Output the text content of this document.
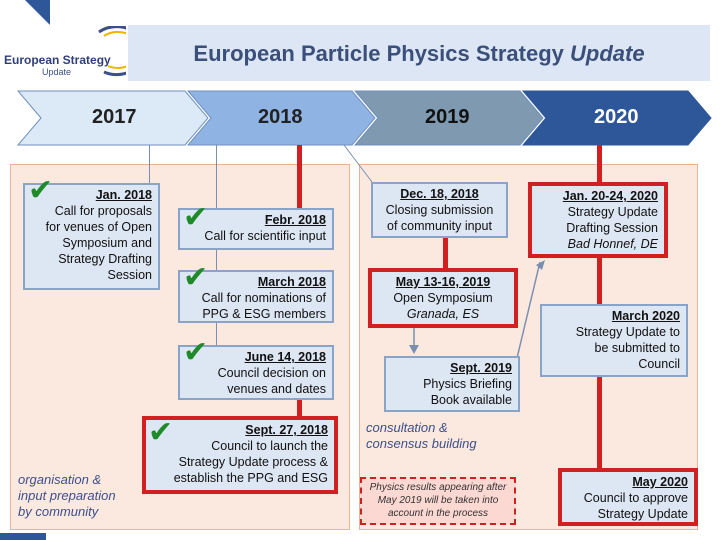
European Strategy
Update
European Particle Physics Strategy Update
2017	2018	2019	2020
Jan. 2018
Call for proposals
for venues of Open
Symposium and
Strategy Drafting
Session
✔
Febr. 2018
Call for scientific input
✔
March 2018
Call for nominations of
PPG & ESG members
✔
June 14, 2018
Council decision on
venues and dates
✔
Sept. 27, 2018
Council to launch the
Strategy Update process &
establish the PPG and ESG
✔
organisation &
input preparation
by community
Dec. 18, 2018
Closing submission
of community input
May 13-16, 2019
Open Symposium
Granada, ES
Sept. 2019
Physics Briefing
Book available
consultation &
consensus building
Physics results appearing after May 2019 will be taken into account in the process
Jan. 20-24, 2020
Strategy Update
Drafting Session
Bad Honnef, DE
March 2020
Strategy Update to
be submitted to
Council
May 2020
Council to approve
Strategy Update
